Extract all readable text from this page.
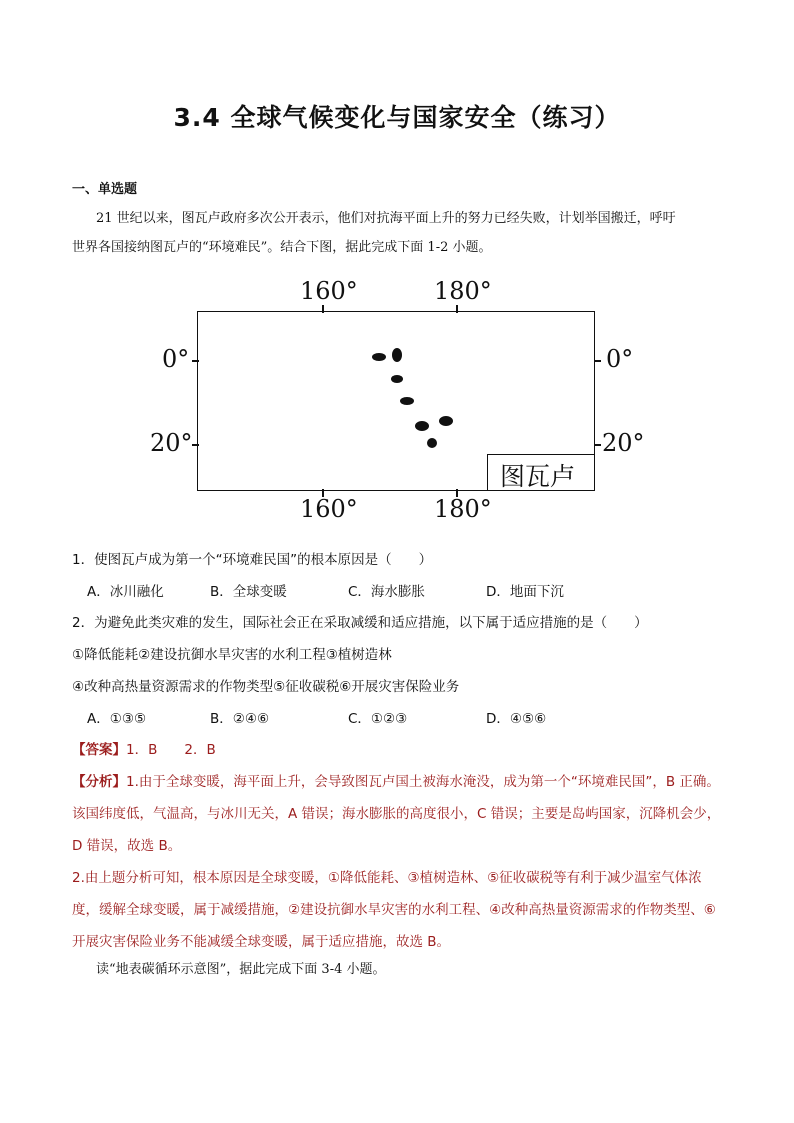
3.4 全球气候变化与国家安全（练习）
一、单选题
21 世纪以来，图瓦卢政府多次公开表示，他们对抗海平面上升的努力已经失败，计划举国搬迁，呼吁
世界各国接纳图瓦卢的“环境难民”。结合下图，据此完成下面 1-2 小题。
160°	180°
160°	180°
0°
20°
0°
20°
图瓦卢
1．使图瓦卢成为第一个“环境难民国”的根本原因是（　　）
A．冰川融化	B．全球变暖	C．海水膨胀	D．地面下沉
2．为避免此类灾难的发生，国际社会正在采取减缓和适应措施，以下属于适应措施的是（　　）
①降低能耗②建设抗御水旱灾害的水利工程③植树造林
④改种高热量资源需求的作物类型⑤征收碳税⑥开展灾害保险业务
A．①③⑤	B．②④⑥	C．①②③	D．④⑤⑥
【答案】1．B　　2．B
【分析】1.由于全球变暖，海平面上升，会导致图瓦卢国土被海水淹没，成为第一个“环境难民国”，B 正确。
该国纬度低，气温高，与冰川无关，A 错误；海水膨胀的高度很小，C 错误；主要是岛屿国家，沉降机会少，
D 错误，故选 B。
2.由上题分析可知，根本原因是全球变暖，①降低能耗、③植树造林、⑤征收碳税等有利于减少温室气体浓
度，缓解全球变暖，属于减缓措施，②建设抗御水旱灾害的水利工程、④改种高热量资源需求的作物类型、⑥
开展灾害保险业务不能减缓全球变暖，属于适应措施，故选 B。
读“地表碳循环示意图”，据此完成下面 3-4 小题。
